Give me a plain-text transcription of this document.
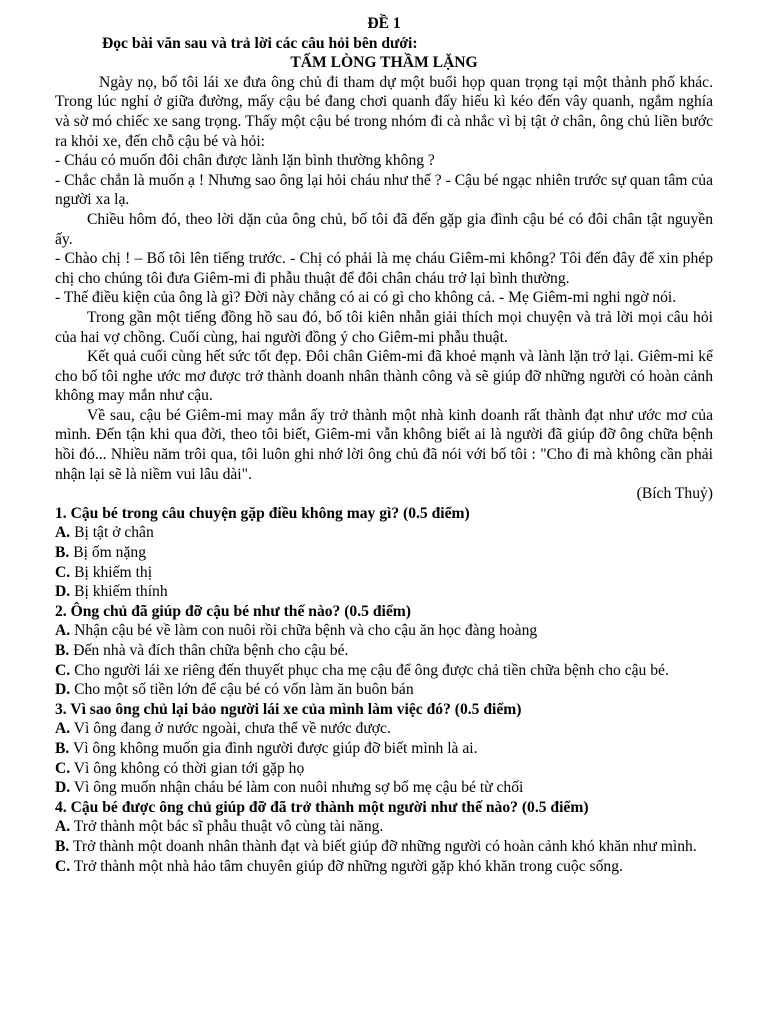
ĐỀ 1
Đọc bài văn sau và trả lời các câu hỏi bên dưới:
TẤM LÒNG THẦM LẶNG

Ngày nọ, bố tôi lái xe đưa ông chủ đi tham dự một buổi họp quan trọng tại một thành phố khác. Trong lúc nghỉ ở giữa đường, mấy cậu bé đang chơi quanh đấy hiếu kì kéo đến vây quanh, ngắm nghía và sờ mó chiếc xe sang trọng. Thấy một cậu bé trong nhóm đi cà nhắc vì bị tật ở chân, ông chủ liền bước ra khỏi xe, đến chỗ cậu bé và hỏi:

- Cháu có muốn đôi chân được lành lặn bình thường không ?

- Chắc chắn là muốn ạ ! Nhưng sao ông lại hỏi cháu như thế ? - Cậu bé ngạc nhiên trước sự quan tâm của người xa lạ.

Chiều hôm đó, theo lời dặn của ông chủ, bố tôi đã đến gặp gia đình cậu bé có đôi chân tật nguyền ấy.

- Chào chị ! – Bố tôi lên tiếng trước. - Chị có phải là mẹ cháu Giêm-mi không? Tôi đến đây để xin phép chị cho chúng tôi đưa Giêm-mi đi phẫu thuật để đôi chân cháu trở lại bình thường.

- Thế điều kiện của ông là gì? Đời này chẳng có ai có gì cho không cả. - Mẹ Giêm-mi nghi ngờ nói.

Trong gần một tiếng đồng hồ sau đó, bố tôi kiên nhẫn giải thích mọi chuyện và trả lời mọi câu hỏi của hai vợ chồng. Cuối cùng, hai người đồng ý cho Giêm-mi phẫu thuật.

Kết quả cuối cùng hết sức tốt đẹp. Đôi chân Giêm-mi đã khoẻ mạnh và lành lặn trở lại. Giêm-mi kể cho bố tôi nghe ước mơ được trở thành doanh nhân thành công và sẽ giúp đỡ những người có hoàn cảnh không may mắn như cậu.

Về sau, cậu bé Giêm-mi may mắn ấy trở thành một nhà kinh doanh rất thành đạt như ước mơ của mình. Đến tận khi qua đời, theo tôi biết, Giêm-mi vẫn không biết ai là người đã giúp đỡ ông chữa bệnh hồi đó... Nhiều năm trôi qua, tôi luôn ghi nhớ lời ông chủ đã nói với bố tôi : "Cho đi mà không cần phải nhận lại sẽ là niềm vui lâu dài".

(Bích Thuỷ)
1. Cậu bé trong câu chuyện gặp điều không may gì? (0.5 điểm)
A. Bị tật ở chân
B. Bị ốm nặng
C. Bị khiếm thị
D. Bị khiếm thính
2. Ông chủ đã giúp đỡ cậu bé như thế nào? (0.5 điểm)
A. Nhận cậu bé về làm con nuôi rồi chữa bệnh và cho cậu ăn học đàng hoàng
B. Đến nhà và đích thân chữa bệnh cho cậu bé.
C. Cho người lái xe riêng đến thuyết phục cha mẹ cậu để ông được chả tiền chữa bệnh cho cậu bé.
D. Cho một số tiền lớn để cậu bé có vốn làm ăn buôn bán
3. Vì sao ông chủ lại bảo người lái xe của mình làm việc đó? (0.5 điểm)
A. Vì ông đang ở nước ngoài, chưa thể về nước được.
B. Vì ông không muốn gia đình người được giúp đỡ biết mình là ai.
C. Vì ông không có thời gian tới gặp họ
D. Vì ông muốn nhận cháu bé làm con nuôi nhưng sợ bố mẹ cậu bé từ chối
4. Cậu bé được ông chủ giúp đỡ đã trở thành một người như thế nào? (0.5 điểm)
A. Trở thành một bác sĩ phẫu thuật vô cùng tài năng.
B. Trở thành một doanh nhân thành đạt và biết giúp đỡ những người có hoàn cảnh khó khăn như mình.
C. Trở thành một nhà hảo tâm chuyên giúp đỡ những người gặp khó khăn trong cuộc sống.
